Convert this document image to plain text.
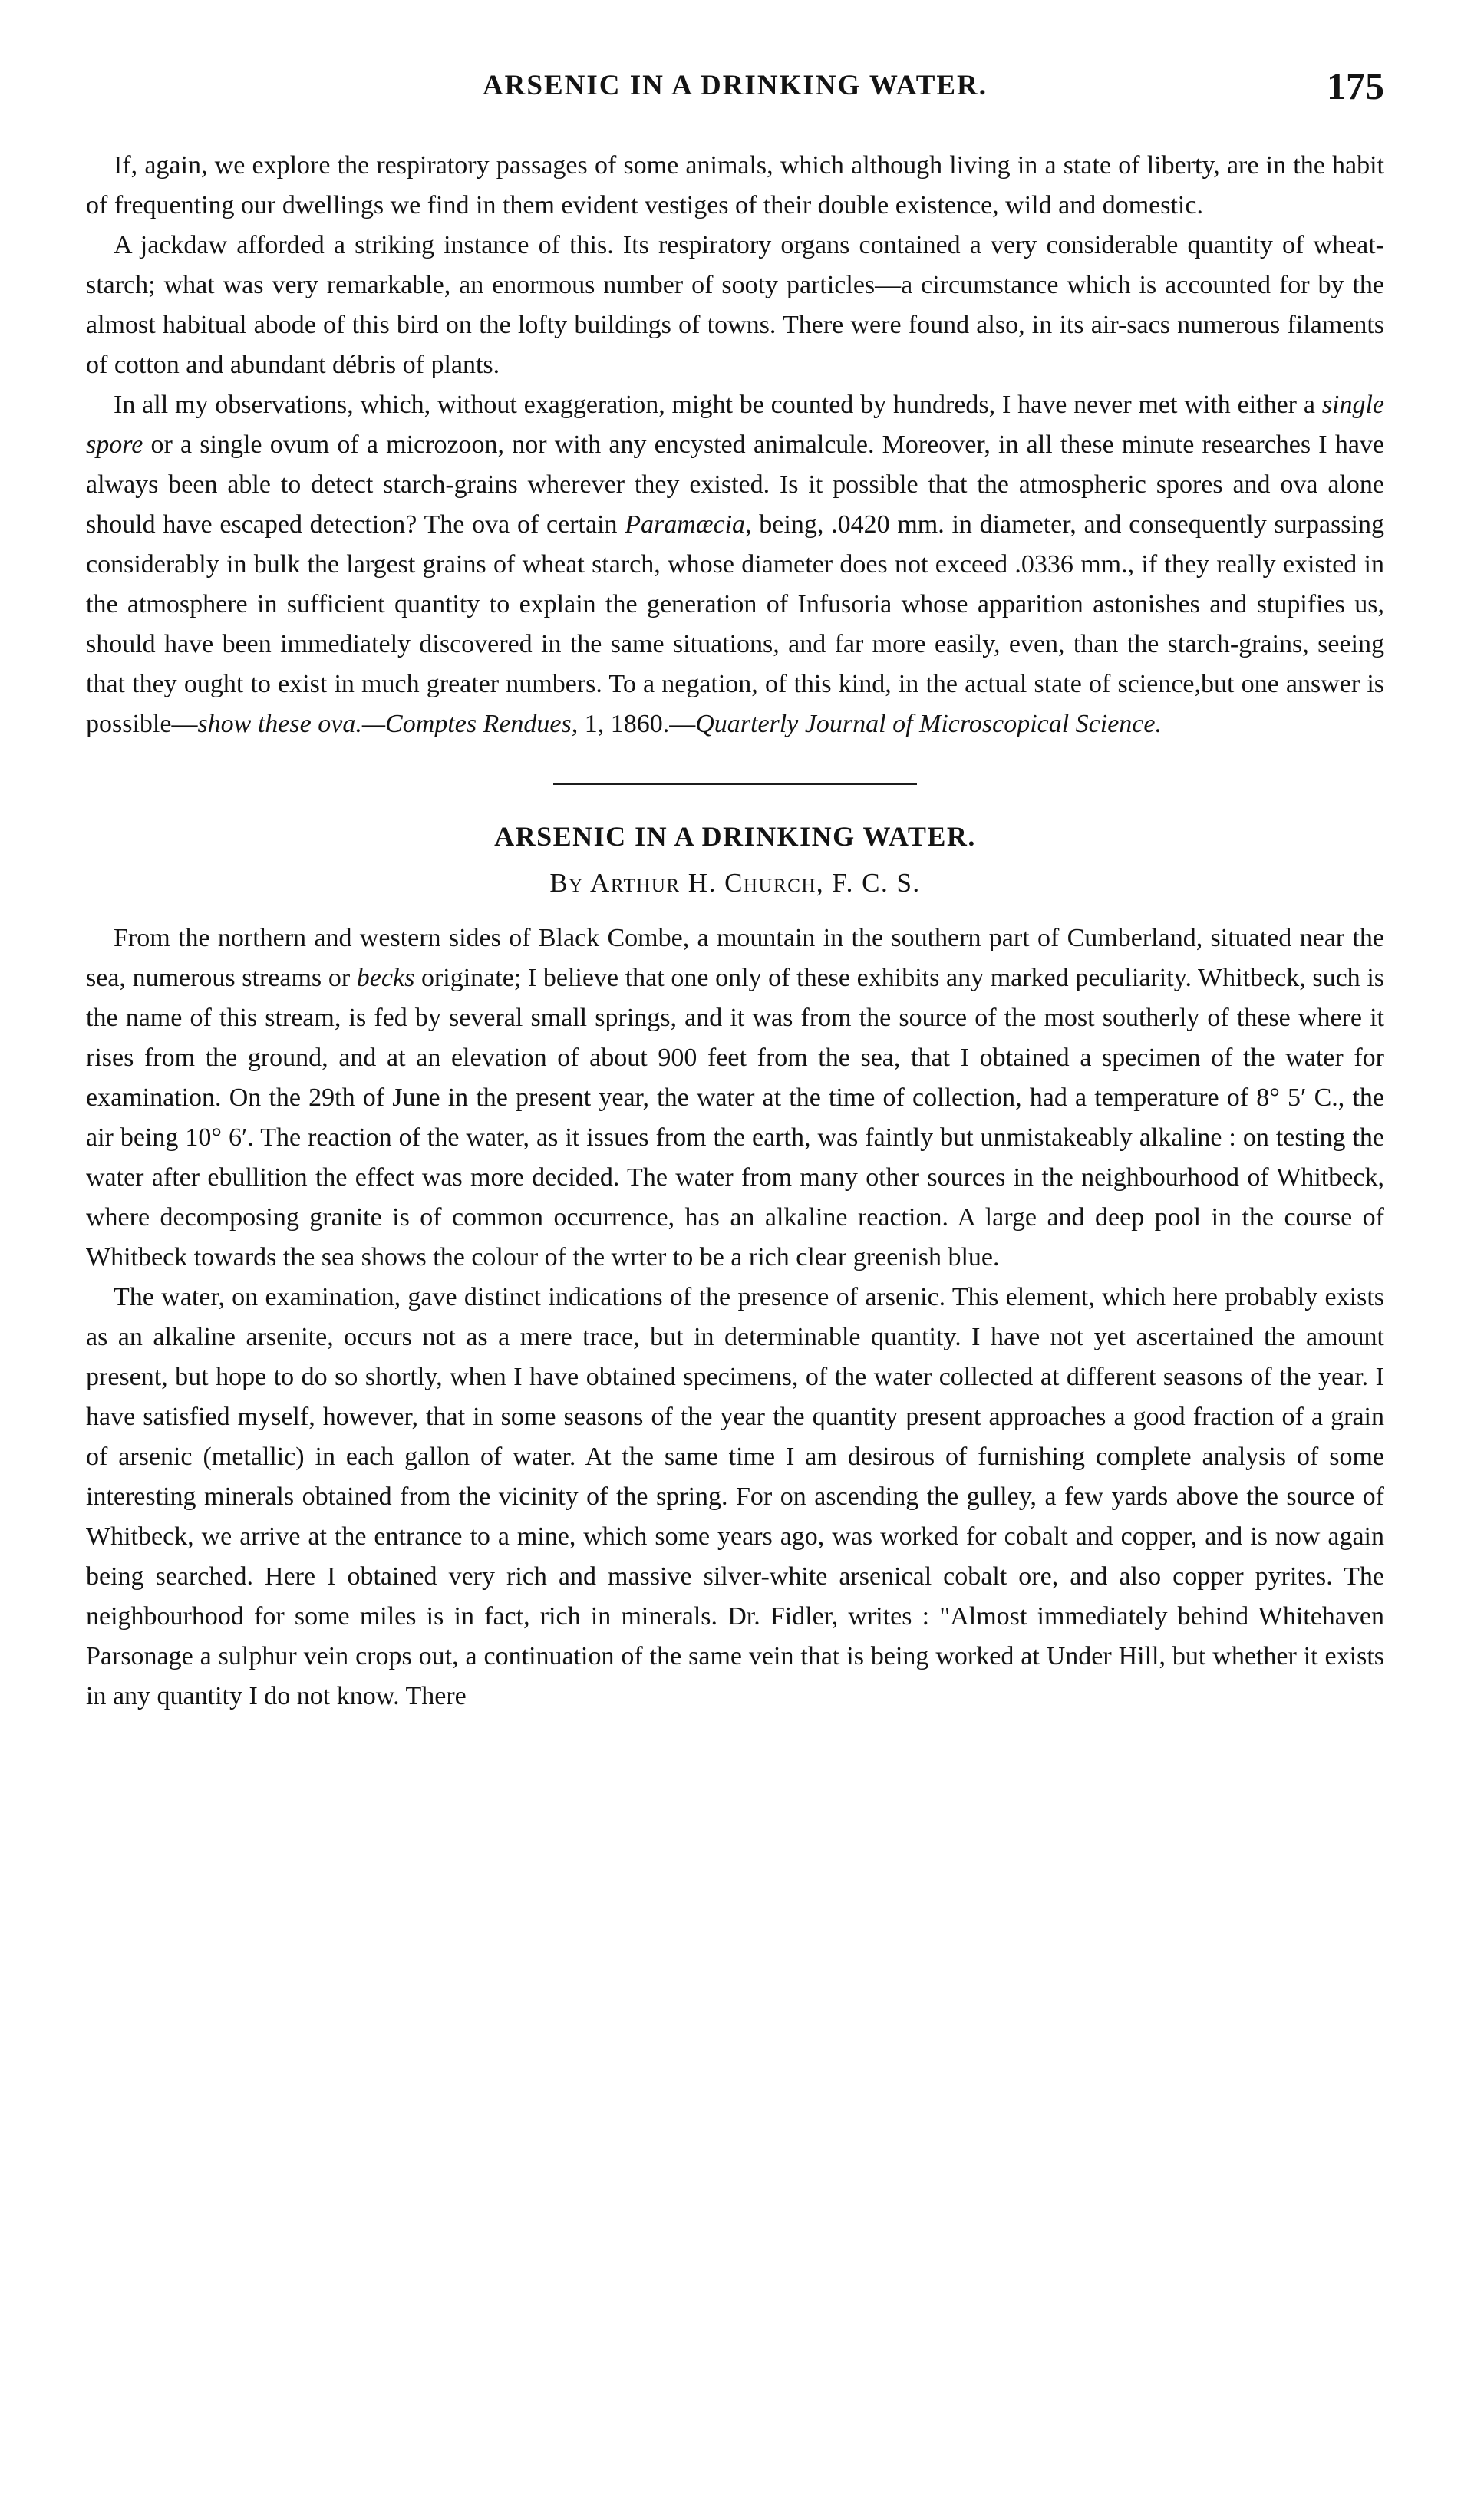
ARSENIC IN A DRINKING WATER.	175

If, again, we explore the respiratory passages of some animals, which although living in a state of liberty, are in the habit of frequenting our dwellings we find in them evident vestiges of their double existence, wild and domestic.

A jackdaw afforded a striking instance of this. Its respiratory organs contained a very considerable quantity of wheat-starch; what was very remarkable, an enormous number of sooty particles—a circumstance which is accounted for by the almost habitual abode of this bird on the lofty buildings of towns. There were found also, in its air-sacs numerous filaments of cotton and abundant débris of plants.

In all my observations, which, without exaggeration, might be counted by hundreds, I have never met with either a single spore or a single ovum of a microzoon, nor with any encysted animalcule. Moreover, in all these minute researches I have always been able to detect starch-grains wherever they existed. Is it possible that the atmospheric spores and ova alone should have escaped detection? The ova of certain Paramæcia, being, .0420 mm. in diameter, and consequently surpassing considerably in bulk the largest grains of wheat starch, whose diameter does not exceed .0336 mm., if they really existed in the atmosphere in sufficient quantity to explain the generation of Infusoria whose apparition astonishes and stupifies us, should have been immediately discovered in the same situations, and far more easily, even, than the starch-grains, seeing that they ought to exist in much greater numbers. To a negation, of this kind, in the actual state of science,but one answer is possible—show these ova.—Comptes Rendues, 1, 1860.—Quarterly Journal of Microscopical Science.

ARSENIC IN A DRINKING WATER.
By Arthur H. Church, F. C. S.

From the northern and western sides of Black Combe, a mountain in the southern part of Cumberland, situated near the sea, numerous streams or becks originate; I believe that one only of these exhibits any marked peculiarity. Whitbeck, such is the name of this stream, is fed by several small springs, and it was from the source of the most southerly of these where it rises from the ground, and at an elevation of about 900 feet from the sea, that I obtained a specimen of the water for examination. On the 29th of June in the present year, the water at the time of collection, had a temperature of 8° 5′ C., the air being 10° 6′. The reaction of the water, as it issues from the earth, was faintly but unmistakeably alkaline : on testing the water after ebullition the effect was more decided. The water from many other sources in the neighbourhood of Whitbeck, where decomposing granite is of common occurrence, has an alkaline reaction. A large and deep pool in the course of Whitbeck towards the sea shows the colour of the wrter to be a rich clear greenish blue.

The water, on examination, gave distinct indications of the presence of arsenic. This element, which here probably exists as an alkaline arsenite, occurs not as a mere trace, but in determinable quantity. I have not yet ascertained the amount present, but hope to do so shortly, when I have obtained specimens, of the water collected at different seasons of the year. I have satisfied myself, however, that in some seasons of the year the quantity present approaches a good fraction of a grain of arsenic (metallic) in each gallon of water. At the same time I am desirous of furnishing complete analysis of some interesting minerals obtained from the vicinity of the spring. For on ascending the gulley, a few yards above the source of Whitbeck, we arrive at the entrance to a mine, which some years ago, was worked for cobalt and copper, and is now again being searched. Here I obtained very rich and massive silver-white arsenical cobalt ore, and also copper pyrites. The neighbourhood for some miles is in fact, rich in minerals. Dr. Fidler, writes : "Almost immediately behind Whitehaven Parsonage a sulphur vein crops out, a continuation of the same vein that is being worked at Under Hill, but whether it exists in any quantity I do not know. There
